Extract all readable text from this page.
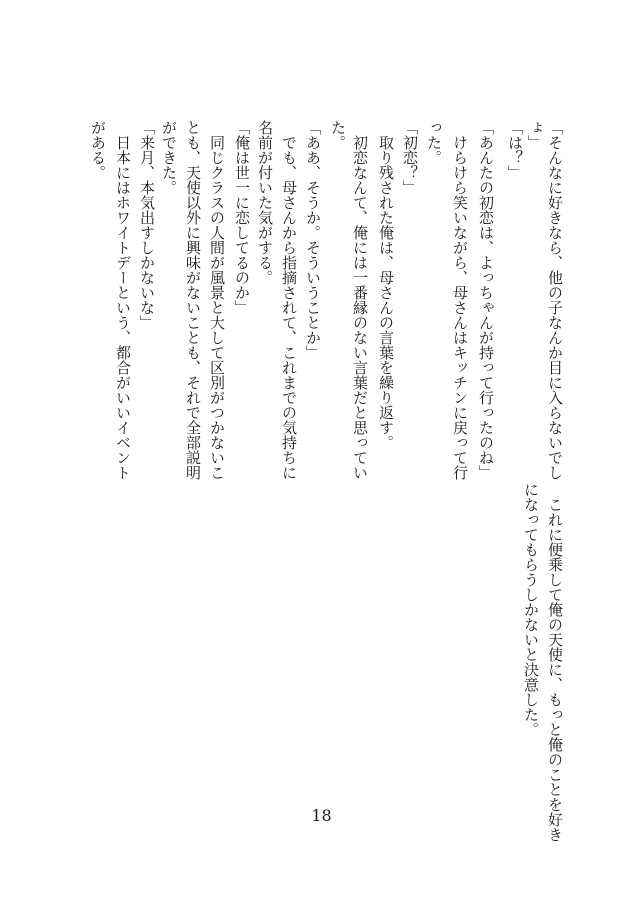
「そんなに好きなら、他の子なんか目に入らないでし
ょ」
「は？」
「あんたの初恋は、よっちゃんが持って行ったのね」
　けらけら笑いながら、母さんはキッチンに戻って行
った。
「初恋？」
　取り残された俺は、母さんの言葉を繰り返す。
　初恋なんて、俺には一番縁のない言葉だと思ってい
た。
「ああ、そうか。そういうことか」
　でも、母さんから指摘されて、これまでの気持ちに
名前が付いた気がする。
「俺は世一に恋してるのか」
　同じクラスの人間が風景と大して区別がつかないこ
とも、天使以外に興味がないことも、それで全部説明
ができた。
「来月、本気出すしかないな」
　日本にはホワイトデーという、都合がいいイベント
がある。
　これに便乗して俺の天使に、もっと俺のことを好き
になってもらうしかないと決意した。
18
